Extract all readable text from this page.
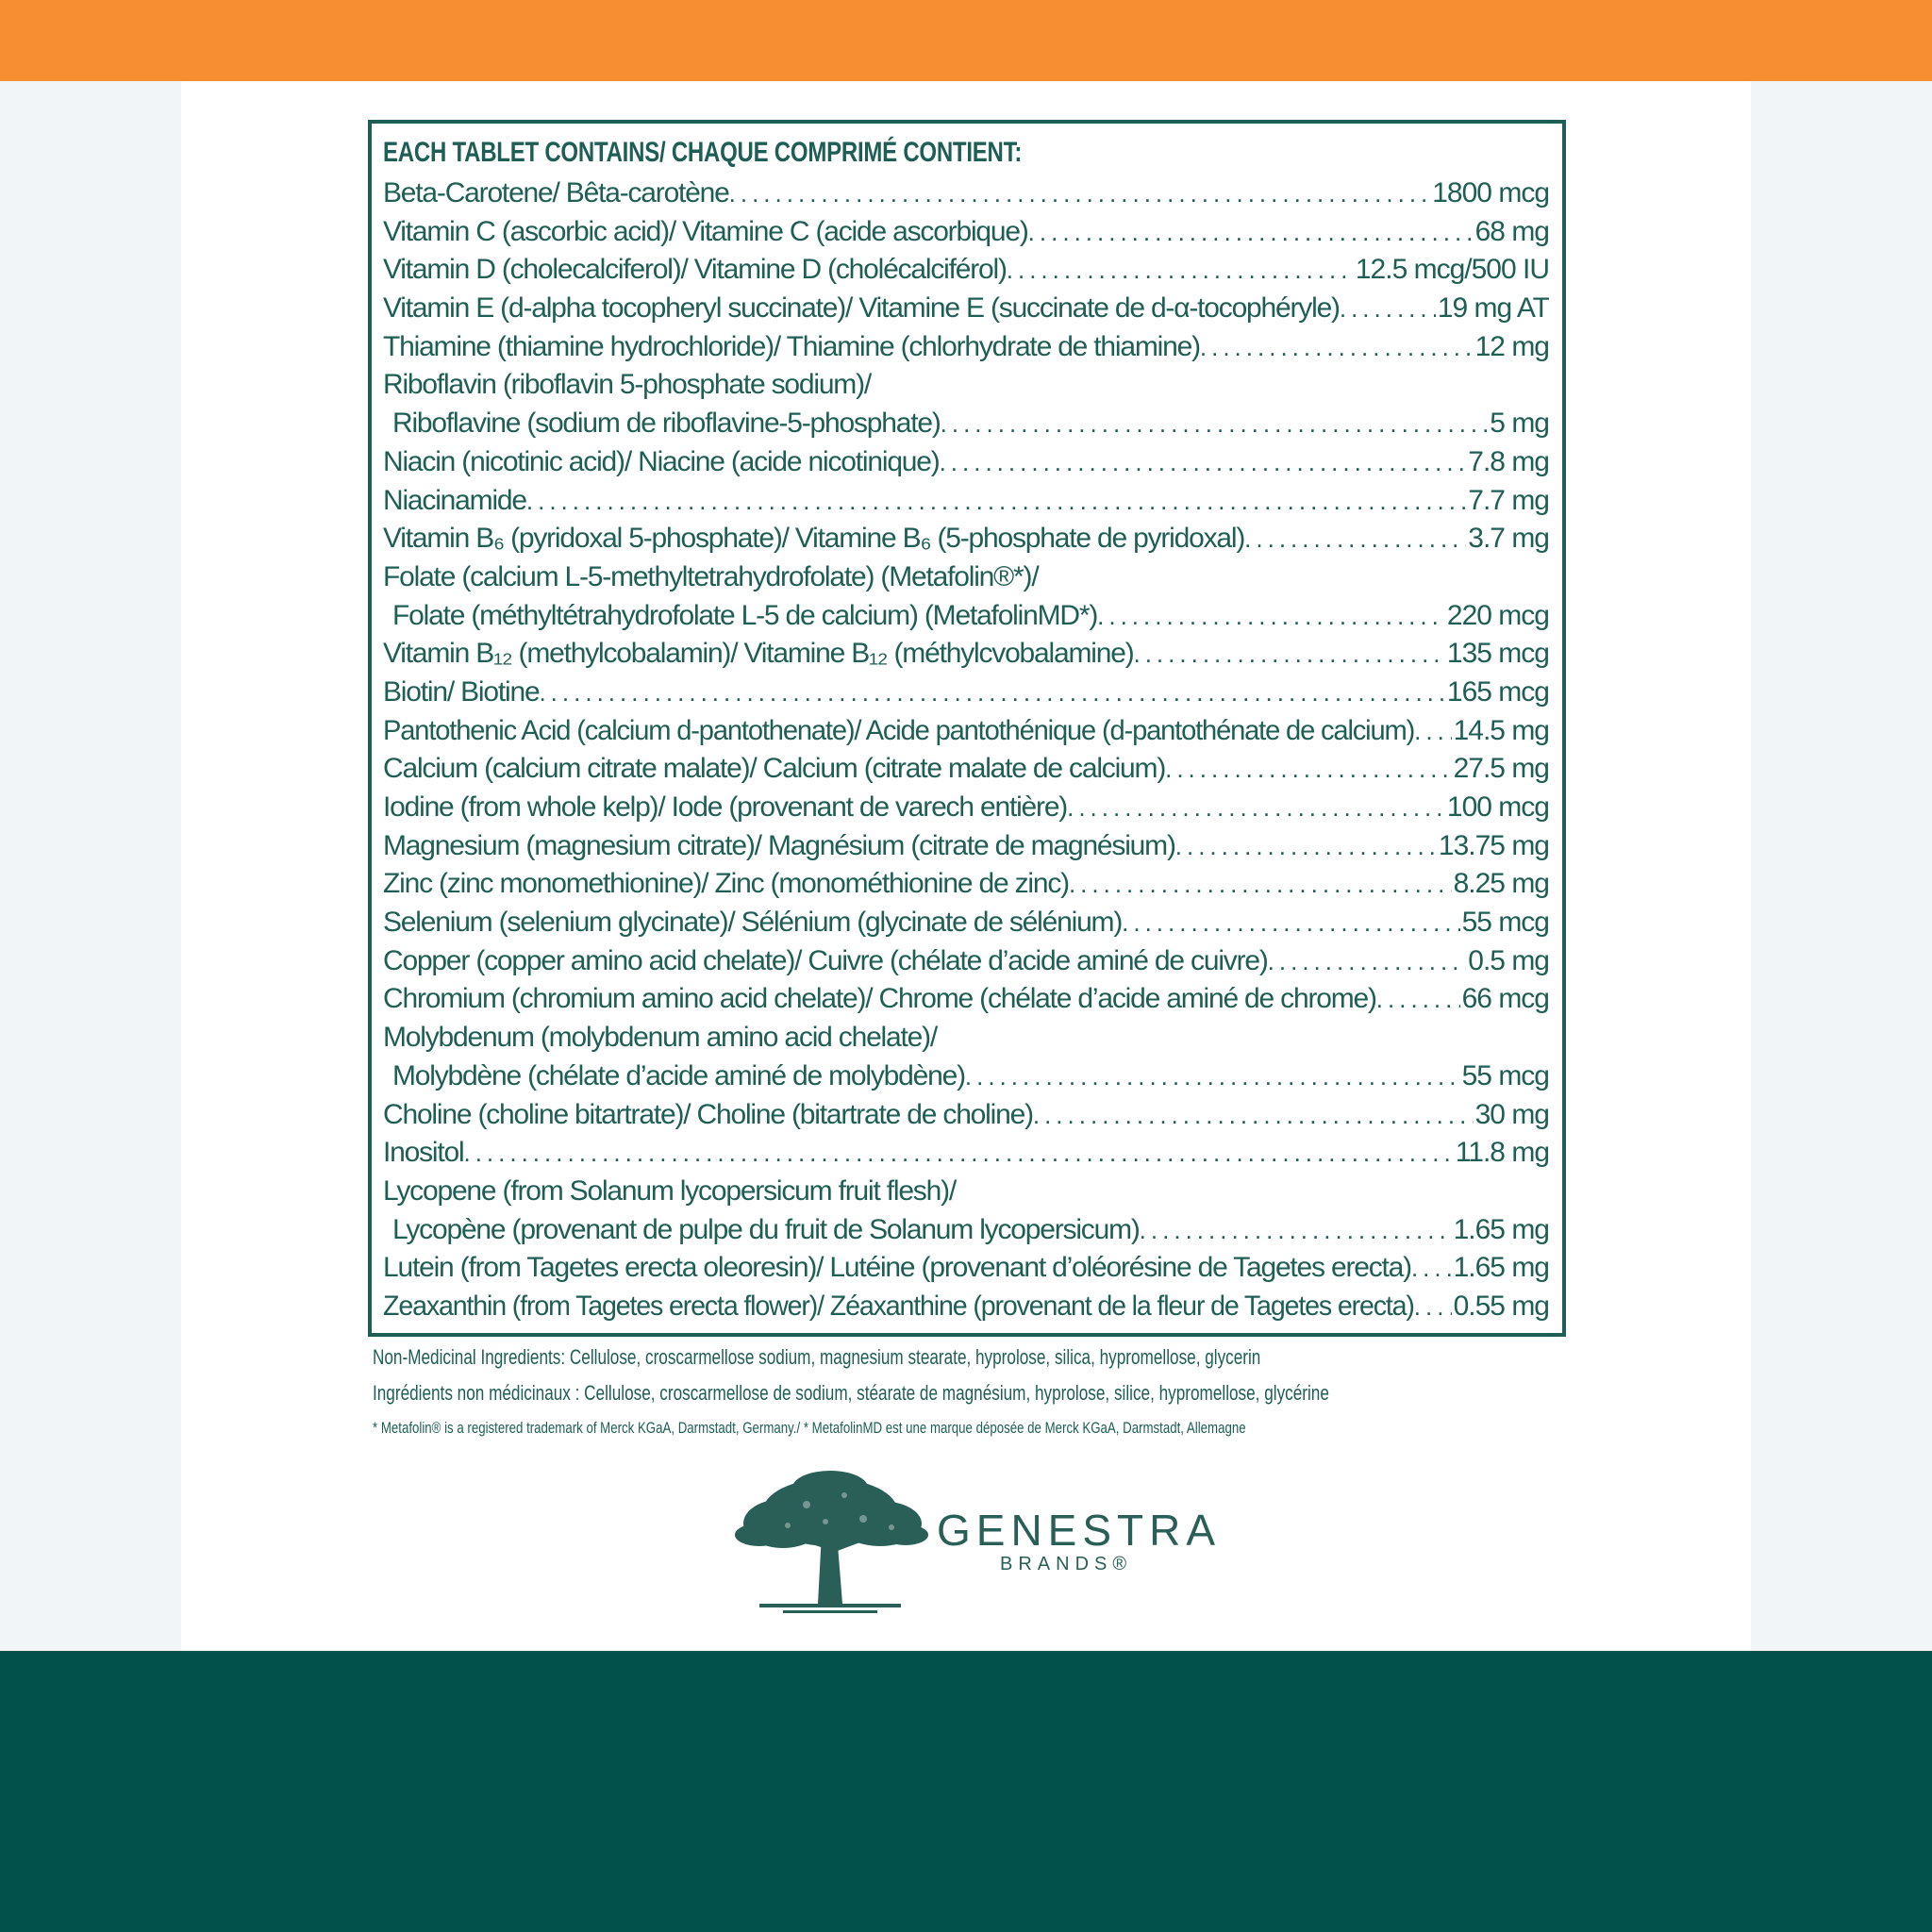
EACH TABLET CONTAINS/ CHAQUE COMPRIMÉ CONTIENT:
Beta-Carotene/ Bêta-carotène .....	1800 mcg
Vitamin C (ascorbic acid)/ Vitamine C (acide ascorbique) .....	68 mg
Vitamin D (cholecalciferol)/ Vitamine D (cholécalciférol) .....	12.5 mcg/500 IU
Vitamin E (d-alpha tocopheryl succinate)/ Vitamine E (succinate de d-α-tocophéryle) .....	19 mg AT
Thiamine (thiamine hydrochloride)/ Thiamine (chlorhydrate de thiamine) .....	12 mg
Riboflavin (riboflavin 5-phosphate sodium)/
Riboflavine (sodium de riboflavine-5-phosphate) .....	5 mg
Niacin (nicotinic acid)/ Niacine (acide nicotinique) .....	7.8 mg
Niacinamide .....	7.7 mg
Vitamin B₆ (pyridoxal 5-phosphate)/ Vitamine B₆ (5-phosphate de pyridoxal) .....	3.7 mg
Folate (calcium L-5-methyltetrahydrofolate) (Metafolin®*)/
Folate (méthyltétrahydrofolate L-5 de calcium) (MetafolinMD*) .....	220 mcg
Vitamin B₁₂ (methylcobalamin)/ Vitamine B₁₂ (méthylcvobalamine) .....	135 mcg
Biotin/ Biotine .....	165 mcg
Pantothenic Acid (calcium d-pantothenate)/ Acide pantothénique (d-pantothénate de calcium) ..... 14.5 mg
Calcium (calcium citrate malate)/ Calcium (citrate malate de calcium) .....	27.5 mg
Iodine (from whole kelp)/ Iode (provenant de varech entière) .....	100 mcg
Magnesium (magnesium citrate)/ Magnésium (citrate de magnésium) .....	13.75 mg
Zinc (zinc monomethionine)/ Zinc (monométhionine de zinc) .....	8.25 mg
Selenium (selenium glycinate)/ Sélénium (glycinate de sélénium) .....	55 mcg
Copper (copper amino acid chelate)/ Cuivre (chélate d’acide aminé de cuivre) .....	0.5 mg
Chromium (chromium amino acid chelate)/ Chrome (chélate d’acide aminé de chrome) .....	66 mcg
Molybdenum (molybdenum amino acid chelate)/
Molybdène (chélate d’acide aminé de molybdène) .....	55 mcg
Choline (choline bitartrate)/ Choline (bitartrate de choline) .....	30 mg
Inositol .....	11.8 mg
Lycopene (from Solanum lycopersicum fruit flesh)/
Lycopène (provenant de pulpe du fruit de Solanum lycopersicum) .....	1.65 mg
Lutein (from Tagetes erecta oleoresin)/ Lutéine (provenant d’oléorésine de Tagetes erecta) ..... 1.65 mg
Zeaxanthin (from Tagetes erecta flower)/ Zéaxanthine (provenant de la fleur de Tagetes erecta) ..... 0.55 mg
Non-Medicinal Ingredients: Cellulose, croscarmellose sodium, magnesium stearate, hyprolose, silica, hypromellose, glycerin
Ingrédients non médicinaux : Cellulose, croscarmellose de sodium, stéarate de magnésium, hyprolose, silice, hypromellose, glycérine
* Metafolin® is a registered trademark of Merck KGaA, Darmstadt, Germany./ * MetafolinMD est une marque déposée de Merck KGaA, Darmstadt, Allemagne
GENESTRA
BRANDS®
